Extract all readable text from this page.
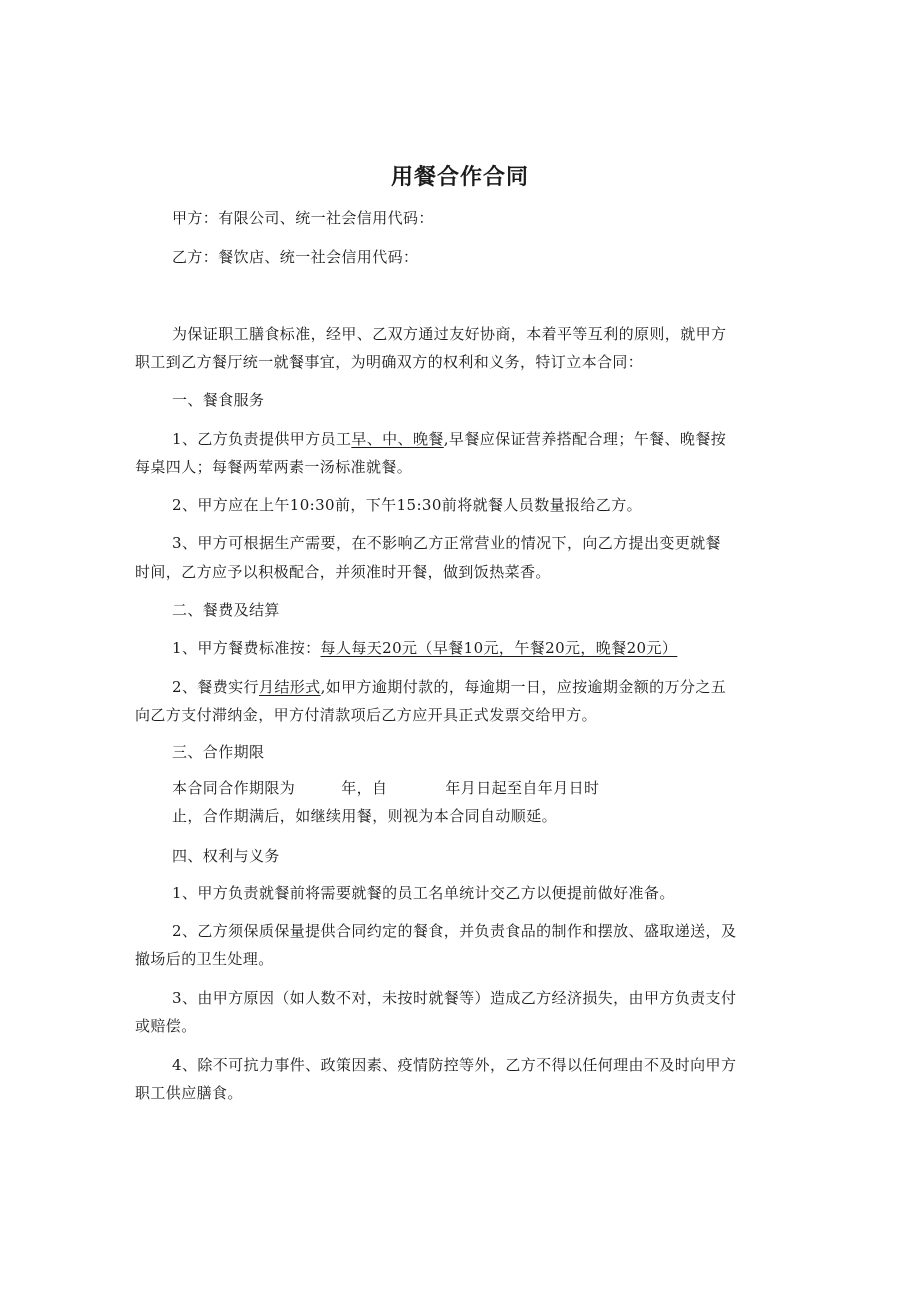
用餐合作合同
甲方：有限公司、统一社会信用代码：
乙方：餐饮店、统一社会信用代码：
为保证职工膳食标准，经甲、乙双方通过友好协商，本着平等互利的原则，就甲方
职工到乙方餐厅统一就餐事宜，为明确双方的权利和义务，特订立本合同：
一、餐食服务
1、乙方负责提供甲方员工早、中、晚餐,早餐应保证营养搭配合理；午餐、晚餐按
每桌四人；每餐两荤两素一汤标准就餐。
2、甲方应在上午10:30前，下午15:30前将就餐人员数量报给乙方。
3、甲方可根据生产需要，在不影响乙方正常营业的情况下，向乙方提出变更就餐
时间，乙方应予以积极配合，并须准时开餐，做到饭热菜香。
二、餐费及结算
1、甲方餐费标准按：每人每天20元（早餐10元，午餐20元，晚餐20元）
2、餐费实行月结形式,如甲方逾期付款的，每逾期一日，应按逾期金额的万分之五
向乙方支付滞纳金，甲方付清款项后乙方应开具正式发票交给甲方。
三、合作期限
本合同合作期限为	年，自	年月日起至自年月日时
止，合作期满后，如继续用餐，则视为本合同自动顺延。
四、权利与义务
1、甲方负责就餐前将需要就餐的员工名单统计交乙方以便提前做好准备。
2、乙方须保质保量提供合同约定的餐食，并负责食品的制作和摆放、盛取递送，及
撤场后的卫生处理。
3、由甲方原因（如人数不对，未按时就餐等）造成乙方经济损失，由甲方负责支付
或赔偿。
4、除不可抗力事件、政策因素、疫情防控等外，乙方不得以任何理由不及时向甲方
职工供应膳食。
